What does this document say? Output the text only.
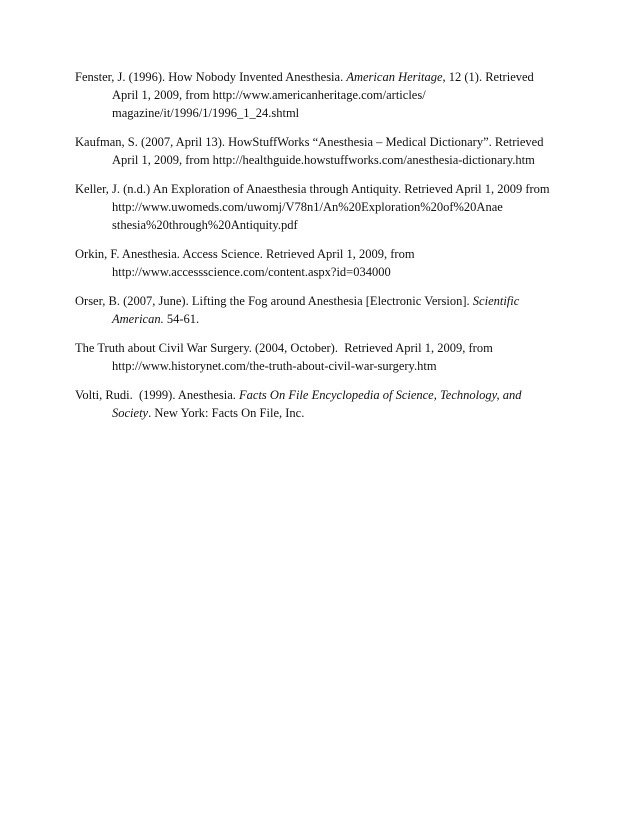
Fenster, J. (1996). How Nobody Invented Anesthesia. American Heritage, 12 (1). Retrieved
April 1, 2009, from http://www.americanheritage.com/articles/
magazine/it/1996/1/1996_1_24.shtml
Kaufman, S. (2007, April 13). HowStuffWorks “Anesthesia – Medical Dictionary”. Retrieved
April 1, 2009, from http://healthguide.howstuffworks.com/anesthesia-dictionary.htm
Keller, J. (n.d.) An Exploration of Anaesthesia through Antiquity. Retrieved April 1, 2009 from
http://www.uwomeds.com/uwomj/V78n1/An%20Exploration%20of%20Anae
sthesia%20through%20Antiquity.pdf
Orkin, F. Anesthesia. Access Science. Retrieved April 1, 2009, from
http://www.accessscience.com/content.aspx?id=034000
Orser, B. (2007, June). Lifting the Fog around Anesthesia [Electronic Version]. Scientific
American. 54-61.
The Truth about Civil War Surgery. (2004, October).  Retrieved April 1, 2009, from
http://www.historynet.com/the-truth-about-civil-war-surgery.htm
Volti, Rudi.  (1999). Anesthesia. Facts On File Encyclopedia of Science, Technology, and
Society. New York: Facts On File, Inc.
